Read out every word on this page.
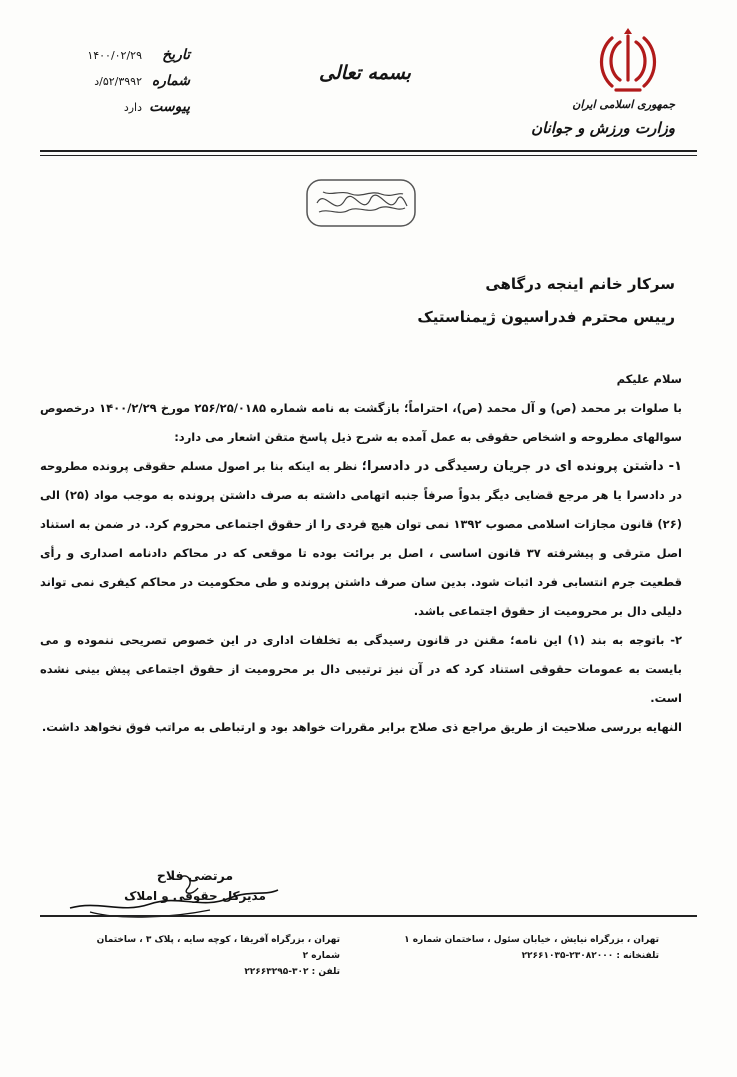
تاریخ
۱۴۰۰/۰۲/۲۹
شماره
۵۲/۳۹۹۲/د
پیوست
دارد
بسمه تعالی
جمهوری اسلامی ایران
وزارت ورزش و جوانان
سرکار خانم اینجه درگاهی
رییس محترم فدراسیون ژیمناستیک

سلام علیکم

با صلوات بر محمد (ص) و آل محمد (ص)، احتراماً؛ بازگشت به نامه شماره ۲۵۶/۲۵/۰۱۸۵ مورخ ۱۴۰۰/۲/۲۹ درخصوص سوالهای مطروحه و اشخاص حقوقی به عمل آمده به شرح ذیل پاسخ متقن اشعار می دارد:

۱- داشتن پرونده ای در جریان رسیدگی در دادسرا؛ نظر به اینکه بنا بر اصول مسلم حقوقی پرونده مطروحه در دادسرا یا هر مرجع قضایی دیگر بدواً صرفاً جنبه اتهامی داشته به صرف داشتن پرونده به موجب مواد (۲۵) الی (۲۶) قانون مجازات اسلامی مصوب ۱۳۹۲ نمی توان هیچ فردی را از حقوق اجتماعی محروم کرد. در ضمن به استناد اصل مترقی و پیشرفته ۳۷ قانون اساسی ، اصل بر برائت بوده تا موقعی که در محاکم دادنامه اصداری و رأی قطعیت جرم انتسابی فرد اثبات شود. بدین سان صرف داشتن پرونده و طی محکومیت در محاکم کیفری نمی تواند دلیلی دال بر محرومیت از حقوق اجتماعی باشد.

۲- باتوجه به بند (۱) این نامه؛ مقنن در قانون رسیدگی به تخلفات اداری در این خصوص تصریحی ننموده و می بایست به عمومات حقوقی استناد کرد که در آن نیز ترتیبی دال بر محرومیت از حقوق اجتماعی پیش بینی نشده است.

النهایه بررسی صلاحیت از طریق مراجع ذی صلاح برابر مقررات خواهد بود و ارتباطی به مراتب فوق نخواهد داشت.

مرتضی فلاح
مدیرکل حقوقی و املاک
تهران ، بزرگراه نیایش ، خیابان سئول ، ساختمان شماره ۱
تلفنخانه : ۲۳۰۸۲۰۰۰-۲۲۶۶۱۰۳۵
تهران ، بزرگراه آفریقا ، کوچه سایه ، پلاک ۳ ، ساختمان شماره ۲
تلفن : ۳۰۲-۲۲۶۶۳۲۹۵
